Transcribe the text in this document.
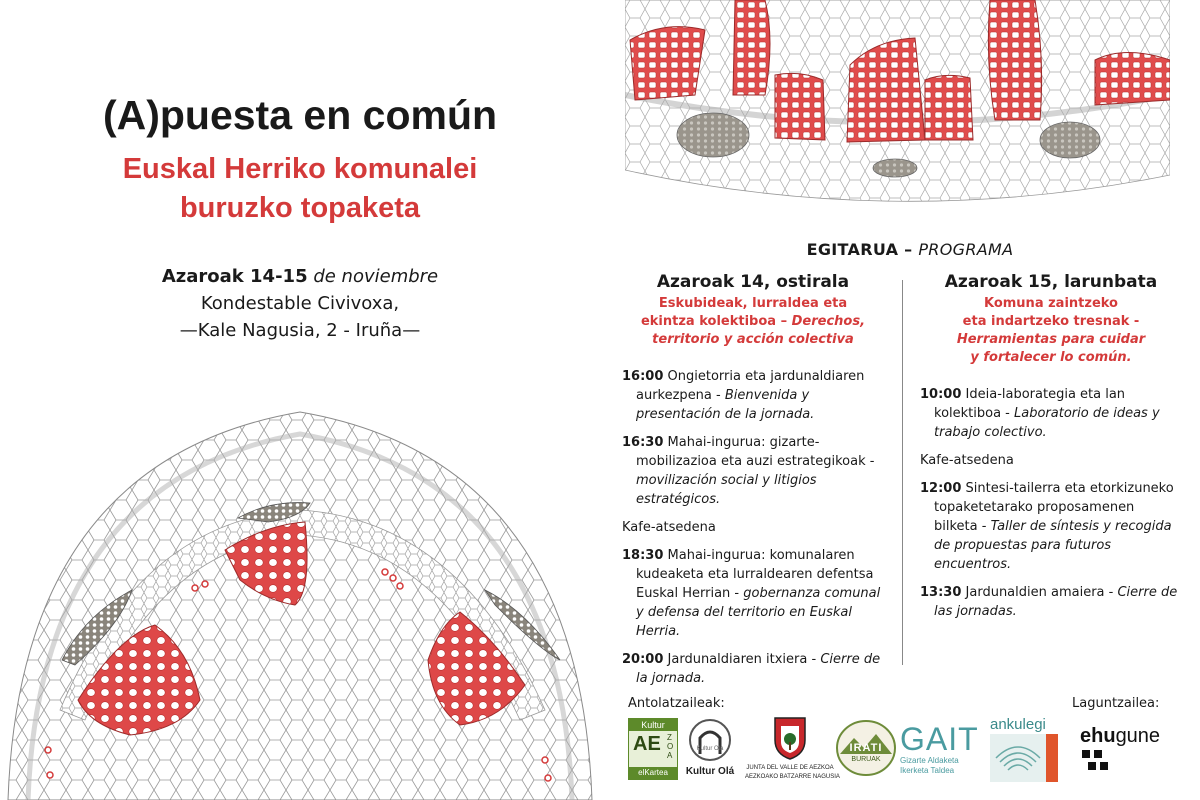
(A)puesta en común
Euskal Herriko komunalei
buruzko topaketa
Azaroak 14-15 de noviembre
Kondestable Civivoxa,
—Kale Nagusia, 2 - Iruña—
EGITARUA – PROGRAMA
Azaroak 14, ostirala
Eskubideak, lurraldea eta
ekintza kolektiboa – Derechos,
territorio y acción colectiva
16:00 Ongietorria eta jardunaldiaren aurkezpena - Bienvenida y presentación de la jornada.
16:30 Mahai-ingurua: gizarte-mobilizazioa eta auzi estrategikoak - movilización social y litigios estratégicos.
Kafe-atsedena
18:30 Mahai-ingurua: komunalaren kudeaketa eta lurraldearen defentsa Euskal Herrian - gobernanza comunal y defensa del territorio en Euskal Herria.
20:00 Jardunaldiaren itxiera - Cierre de la jornada.
Azaroak 15, larunbata
Komuna zaintzeko
eta indartzeko tresnak -
Herramientas para cuidar
y fortalecer lo común.
10:00 Ideia-laborategia eta lan kolektiboa - Laboratorio de ideas y trabajo colectivo.
Kafe-atsedena
12:00 Sintesi-tailerra eta etorkizuneko topaketetarako proposamenen bilketa - Taller de síntesis y recogida de propuestas para futuros encuentros.
13:30 Jardunaldien amaiera - Cierre de las jornadas.
Antolatzaileak:	Laguntzailea:
Kultur
AE ZOA
elKartea
Kultur Ola
Kultur Olá	JUNTA DEL VALLE DE AEZKOA
AEZKOAKO BATZARRE NAGUSIA
IRATI
BURUAK
GAIT
Gizarte Aldaketa
Ikerketa Taldea
ankulegi
ehugune
